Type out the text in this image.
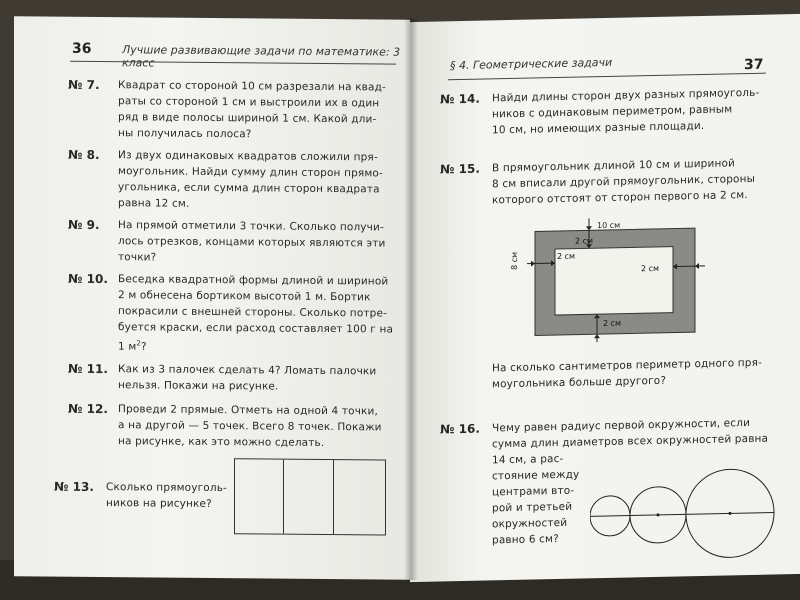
36	Лучшие развивающие задачи по математике: 3 класс
№ 7. Квадрат со стороной 10 см разрезали на квад-
раты со стороной 1 см и выстроили их в один
ряд в виде полосы шириной 1 см. Какой дли-
ны получилась полоса?
№ 8. Из двух одинаковых квадратов сложили пря-
моугольник. Найди сумму длин сторон прямо-
угольника, если сумма длин сторон квадрата
равна 12 см.
№ 9. На прямой отметили 3 точки. Сколько получи-
лось отрезков, концами которых являются эти
точки?
№ 10. Беседка квадратной формы длиной и шириной
2 м обнесена бортиком высотой 1 м. Бортик
покрасили с внешней стороны. Сколько потре-
буется краски, если расход составляет 100 г на
1 $м^2$?
№ 11. Как из 3 палочек сделать 4? Ломать палочки
нельзя. Покажи на рисунке.
№ 12. Проведи 2 прямые. Отметь на одной 4 точки,
а на другой — 5 точек. Всего 8 точек. Покажи
на рисунке, как это можно сделать.
№ 13. Сколько прямоуголь-
ников на рисунке?
§ 4. Геометрические задачи	37
№ 14. Найди длины сторон двух разных прямоуголь-
ников с одинаковым периметром, равным
10 см, но имеющих разные площади.
№ 15. В прямоугольник длиной 10 см и шириной
8 см вписали другой прямоугольник, стороны
которого отстоят от сторон первого на 2 см.
10 см
2 см
2 см
8 см	2 см
2 см
На сколько сантиметров периметр одного пря-
моугольника больше другого?
№ 16. Чему равен радиус первой окружности, если
сумма длин диаметров всех окружностей равна
14 см, а рас-
стояние между
центрами вто-
рой и третьей
окружностей
равно 6 см?
